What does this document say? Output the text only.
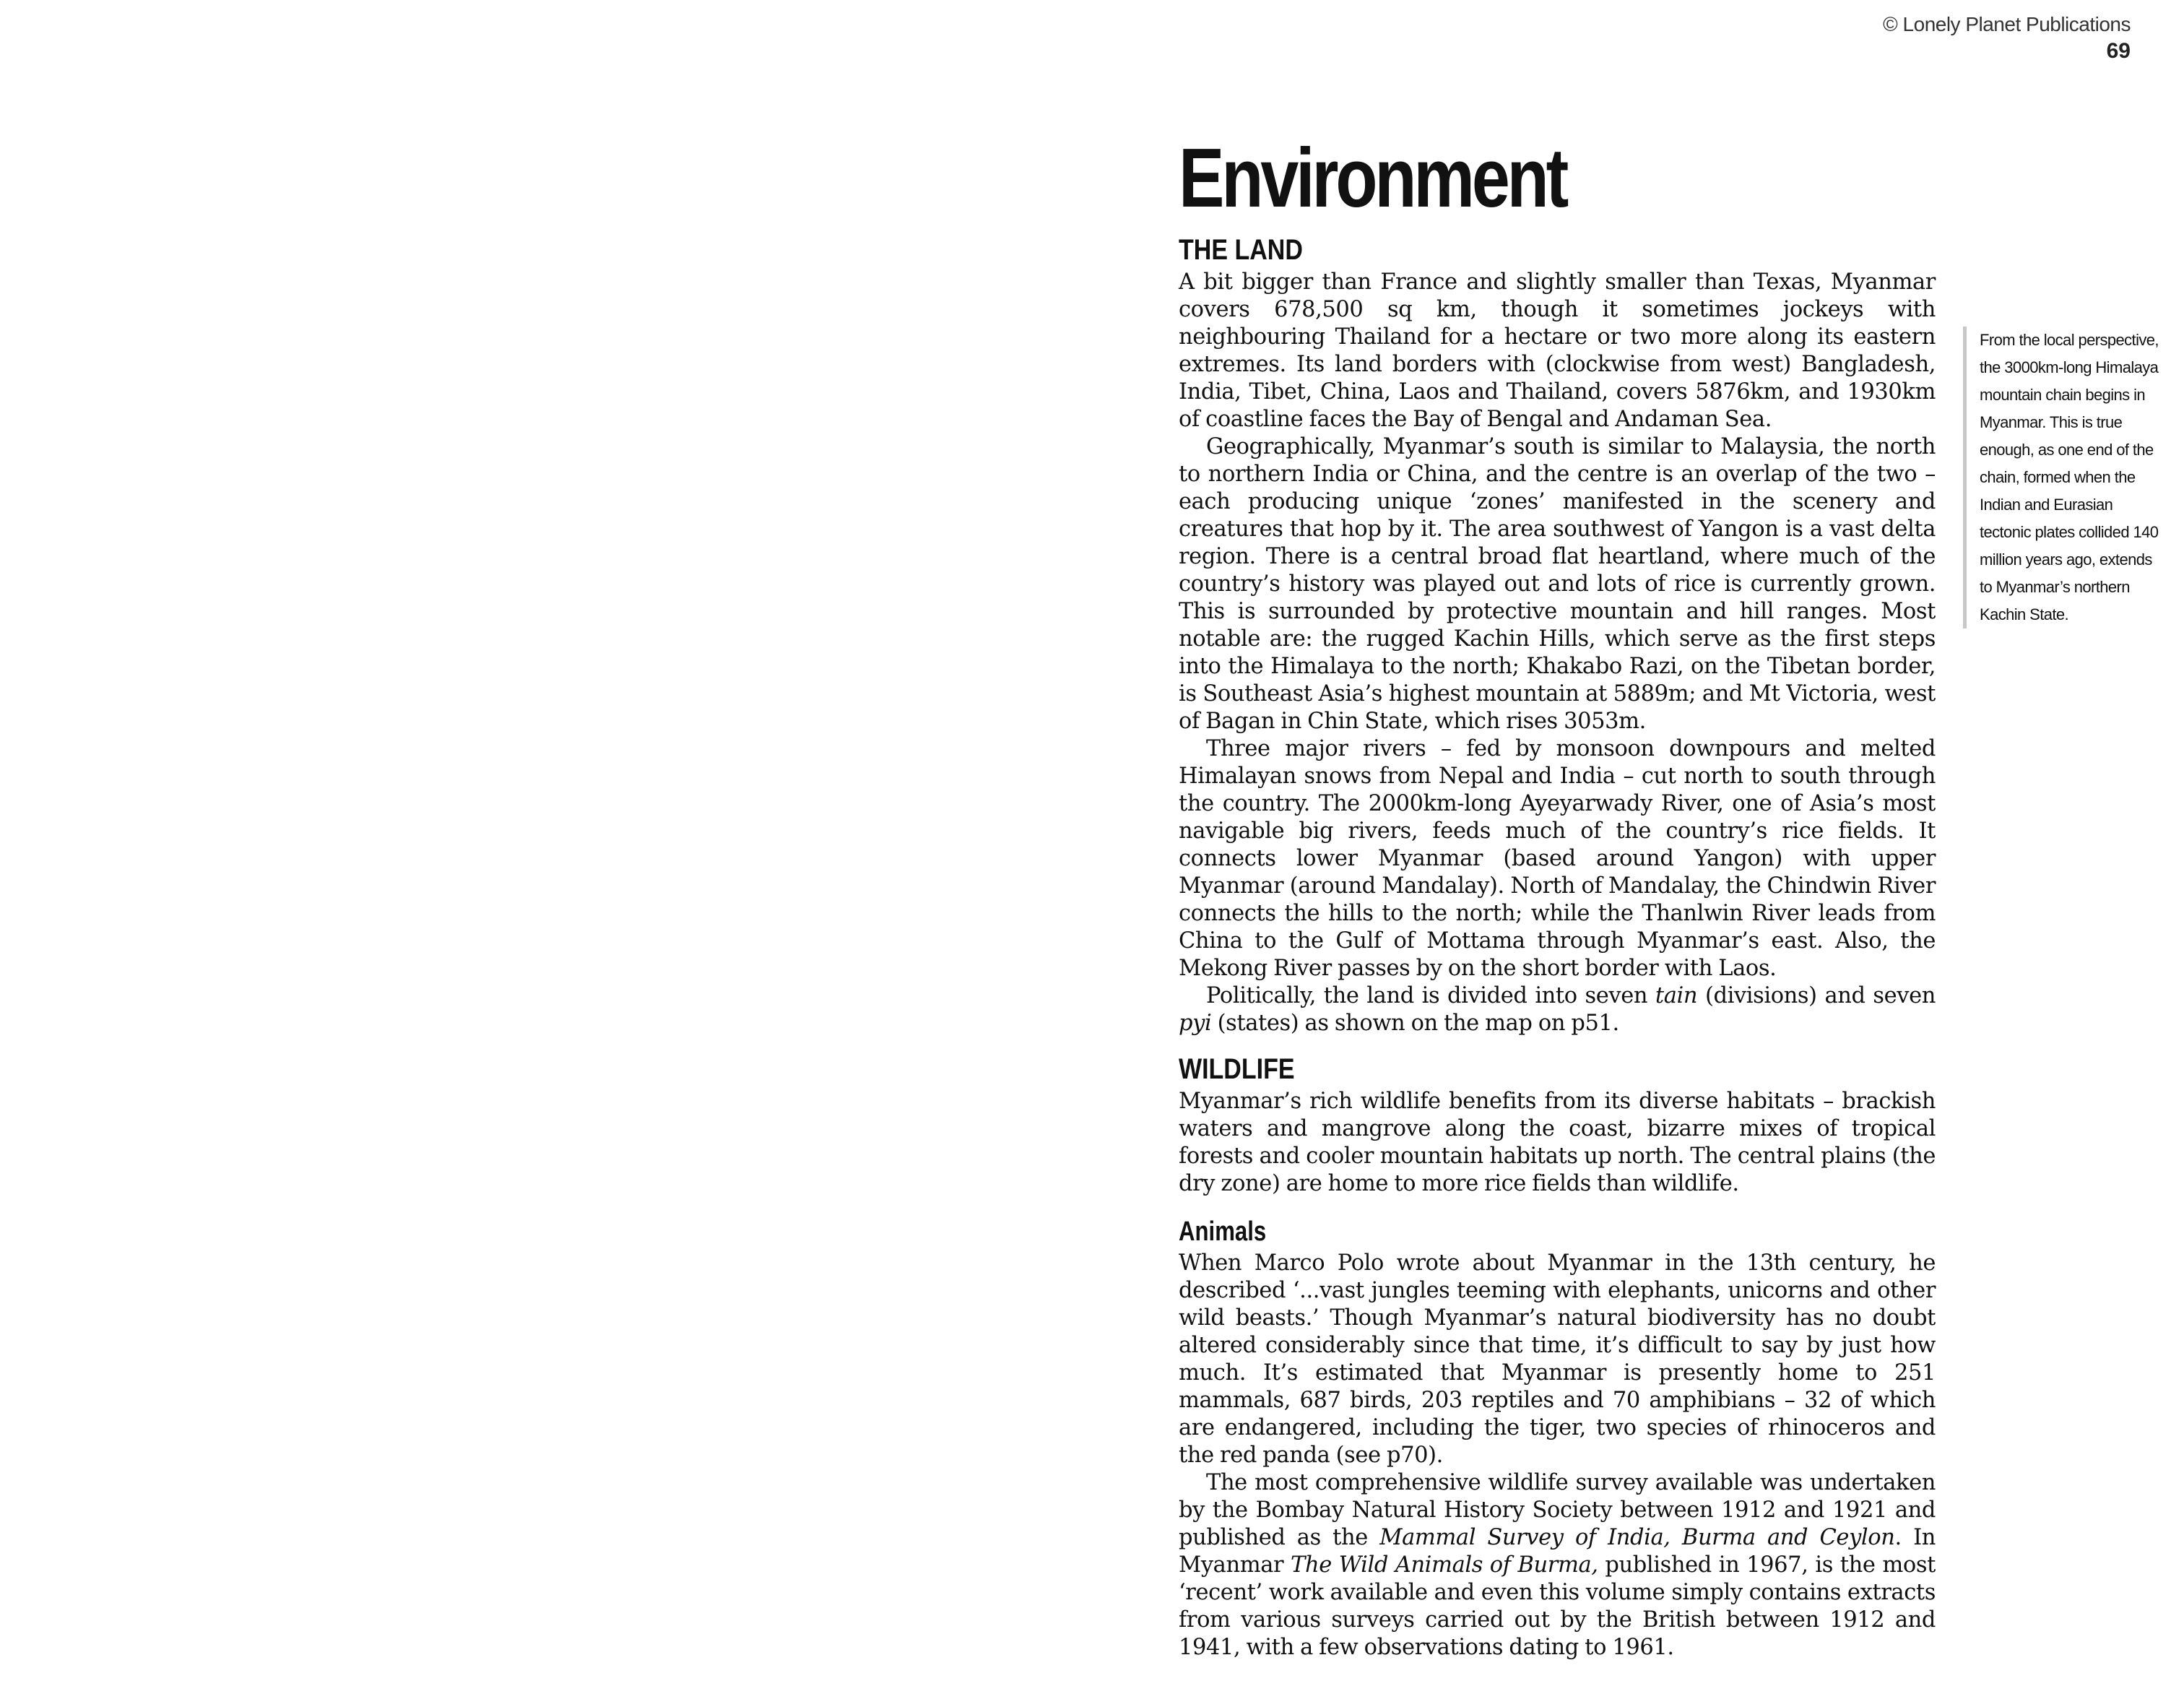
© Lonely Planet Publications
69
Environment
THE LAND

A bit bigger than France and slightly smaller than Texas, Myanmar covers 678,500 sq km, though it sometimes jockeys with neighbouring Thailand for a hectare or two more along its eastern extremes. Its land borders with (clockwise from west) Bangladesh, India, Tibet, China, Laos and Thailand, covers 5876km, and 1930km of coastline faces the Bay of Bengal and Andaman Sea.

Geographically, Myanmar’s south is similar to Malaysia, the north to northern India or China, and the centre is an overlap of the two – each producing unique ‘zones’ manifested in the scenery and creatures that hop by it. The area southwest of Yangon is a vast delta region. There is a central broad flat heartland, where much of the country’s history was played out and lots of rice is currently grown. This is surrounded by protective mountain and hill ranges. Most notable are: the rugged Kachin Hills, which serve as the first steps into the Himalaya to the north; Khakabo Razi, on the Tibetan border, is Southeast Asia’s highest mountain at 5889m; and Mt Victoria, west of Bagan in Chin State, which rises 3053m.

Three major rivers – fed by monsoon downpours and melted Himalayan snows from Nepal and India – cut north to south through the country. The 2000km-long Ayeyarwady River, one of Asia’s most navigable big rivers, feeds much of the country’s rice fields. It connects lower Myanmar (based around Yangon) with upper Myanmar (around Mandalay). North of Mandalay, the Chindwin River connects the hills to the north; while the Thanlwin River leads from China to the Gulf of Mottama through Myanmar’s east. Also, the Mekong River passes by on the short border with Laos.

Politically, the land is divided into seven tain (divisions) and seven pyi (states) as shown on the map on p51.

WILDLIFE

Myanmar’s rich wildlife benefits from its diverse habitats – brackish waters and mangrove along the coast, bizarre mixes of tropical forests and cooler mountain habitats up north. The central plains (the dry zone) are home to more rice fields than wildlife.

Animals

When Marco Polo wrote about Myanmar in the 13th century, he described ‘...vast jungles teeming with elephants, unicorns and other wild beasts.’ Though Myanmar’s natural biodiversity has no doubt altered considerably since that time, it’s difficult to say by just how much. It’s estimated that Myanmar is presently home to 251 mammals, 687 birds, 203 reptiles and 70 amphibians – 32 of which are endangered, including the tiger, two species of rhinoceros and the red panda (see p70).

The most comprehensive wildlife survey available was undertaken by the Bombay Natural History Society between 1912 and 1921 and published as the Mammal Survey of India, Burma and Ceylon. In Myanmar The Wild Animals of Burma, published in 1967, is the most ‘recent’ work available and even this volume simply contains extracts from various surveys carried out by the British between 1912 and 1941, with a few observations dating to 1961.

From the local perspective, the 3000km-long Himalaya mountain chain begins in Myanmar. This is true enough, as one end of the chain, formed when the Indian and Eurasian tectonic plates collided 140 million years ago, extends to Myanmar’s northern Kachin State.
